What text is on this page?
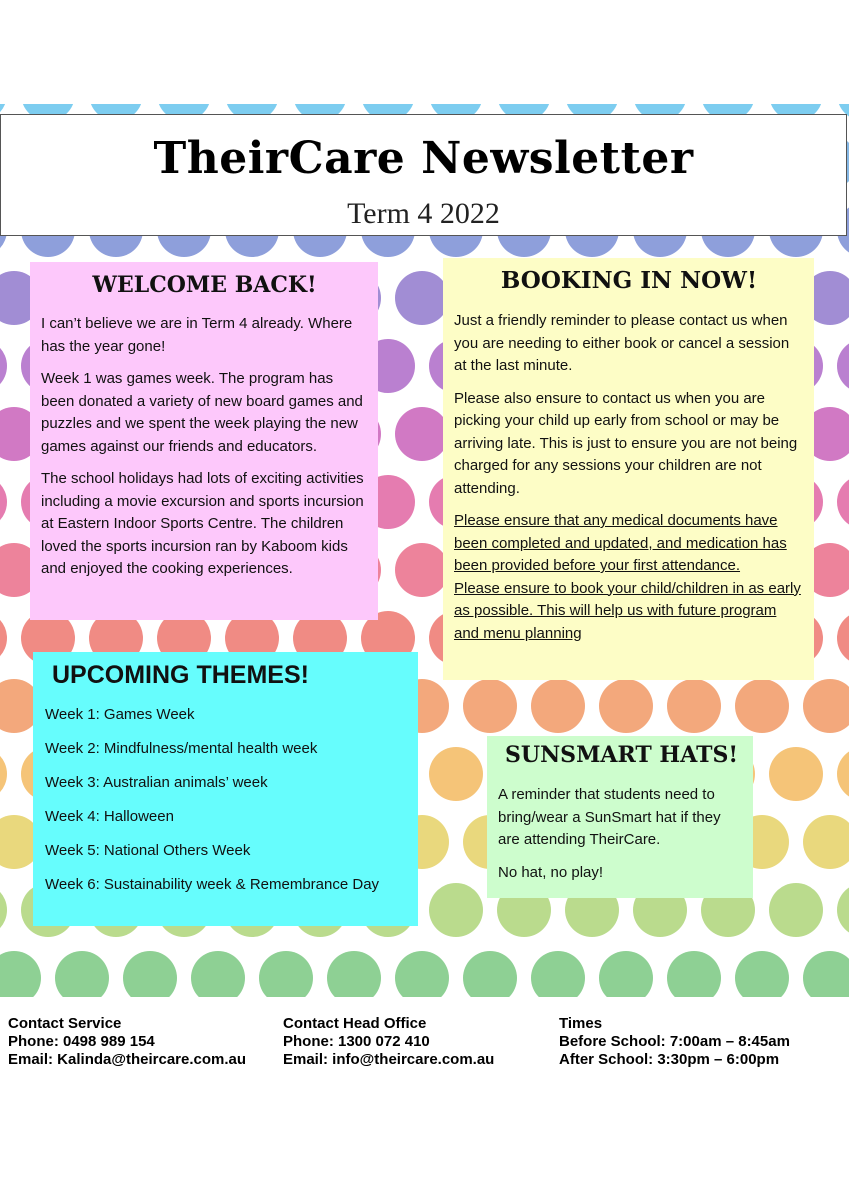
TheirCare Newsletter
Term 4 2022
WELCOME BACK!

I can’t believe we are in Term 4 already. Where has the year gone!

Week 1 was games week. The program has been donated a variety of new board games and puzzles and we spent the week playing the new games against our friends and educators.

The school holidays had lots of exciting activities including a movie excursion and sports incursion at Eastern Indoor Sports Centre. The children loved the sports incursion ran by Kaboom kids and enjoyed the cooking experiences.

BOOKING IN NOW!

Just a friendly reminder to please contact us when you are needing to either book or cancel a session at the last minute.

Please also ensure to contact us when you are picking your child up early from school or may be arriving late. This is just to ensure you are not being charged for any sessions your children are not attending.

Please ensure that any medical documents have been completed and updated, and medication has been provided before your first attendance.

Please ensure to book your child/children in as early as possible. This will help us with future program and menu planning

UPCOMING THEMES!
Week 1: Games Week
Week 2: Mindfulness/mental health week
Week 3: Australian animals’ week
Week 4: Halloween
Week 5: National Others Week
Week 6: Sustainability week & Remembrance Day
SUNSMART HATS!

A reminder that students need to bring/wear a SunSmart hat if they are attending TheirCare.

No hat, no play!

Contact Service
Phone: 0498 989 154
Email: Kalinda@theircare.com.au
Contact Head Office
Phone: 1300 072 410
Email: info@theircare.com.au
Times
Before School: 7:00am – 8:45am
After School: 3:30pm – 6:00pm
